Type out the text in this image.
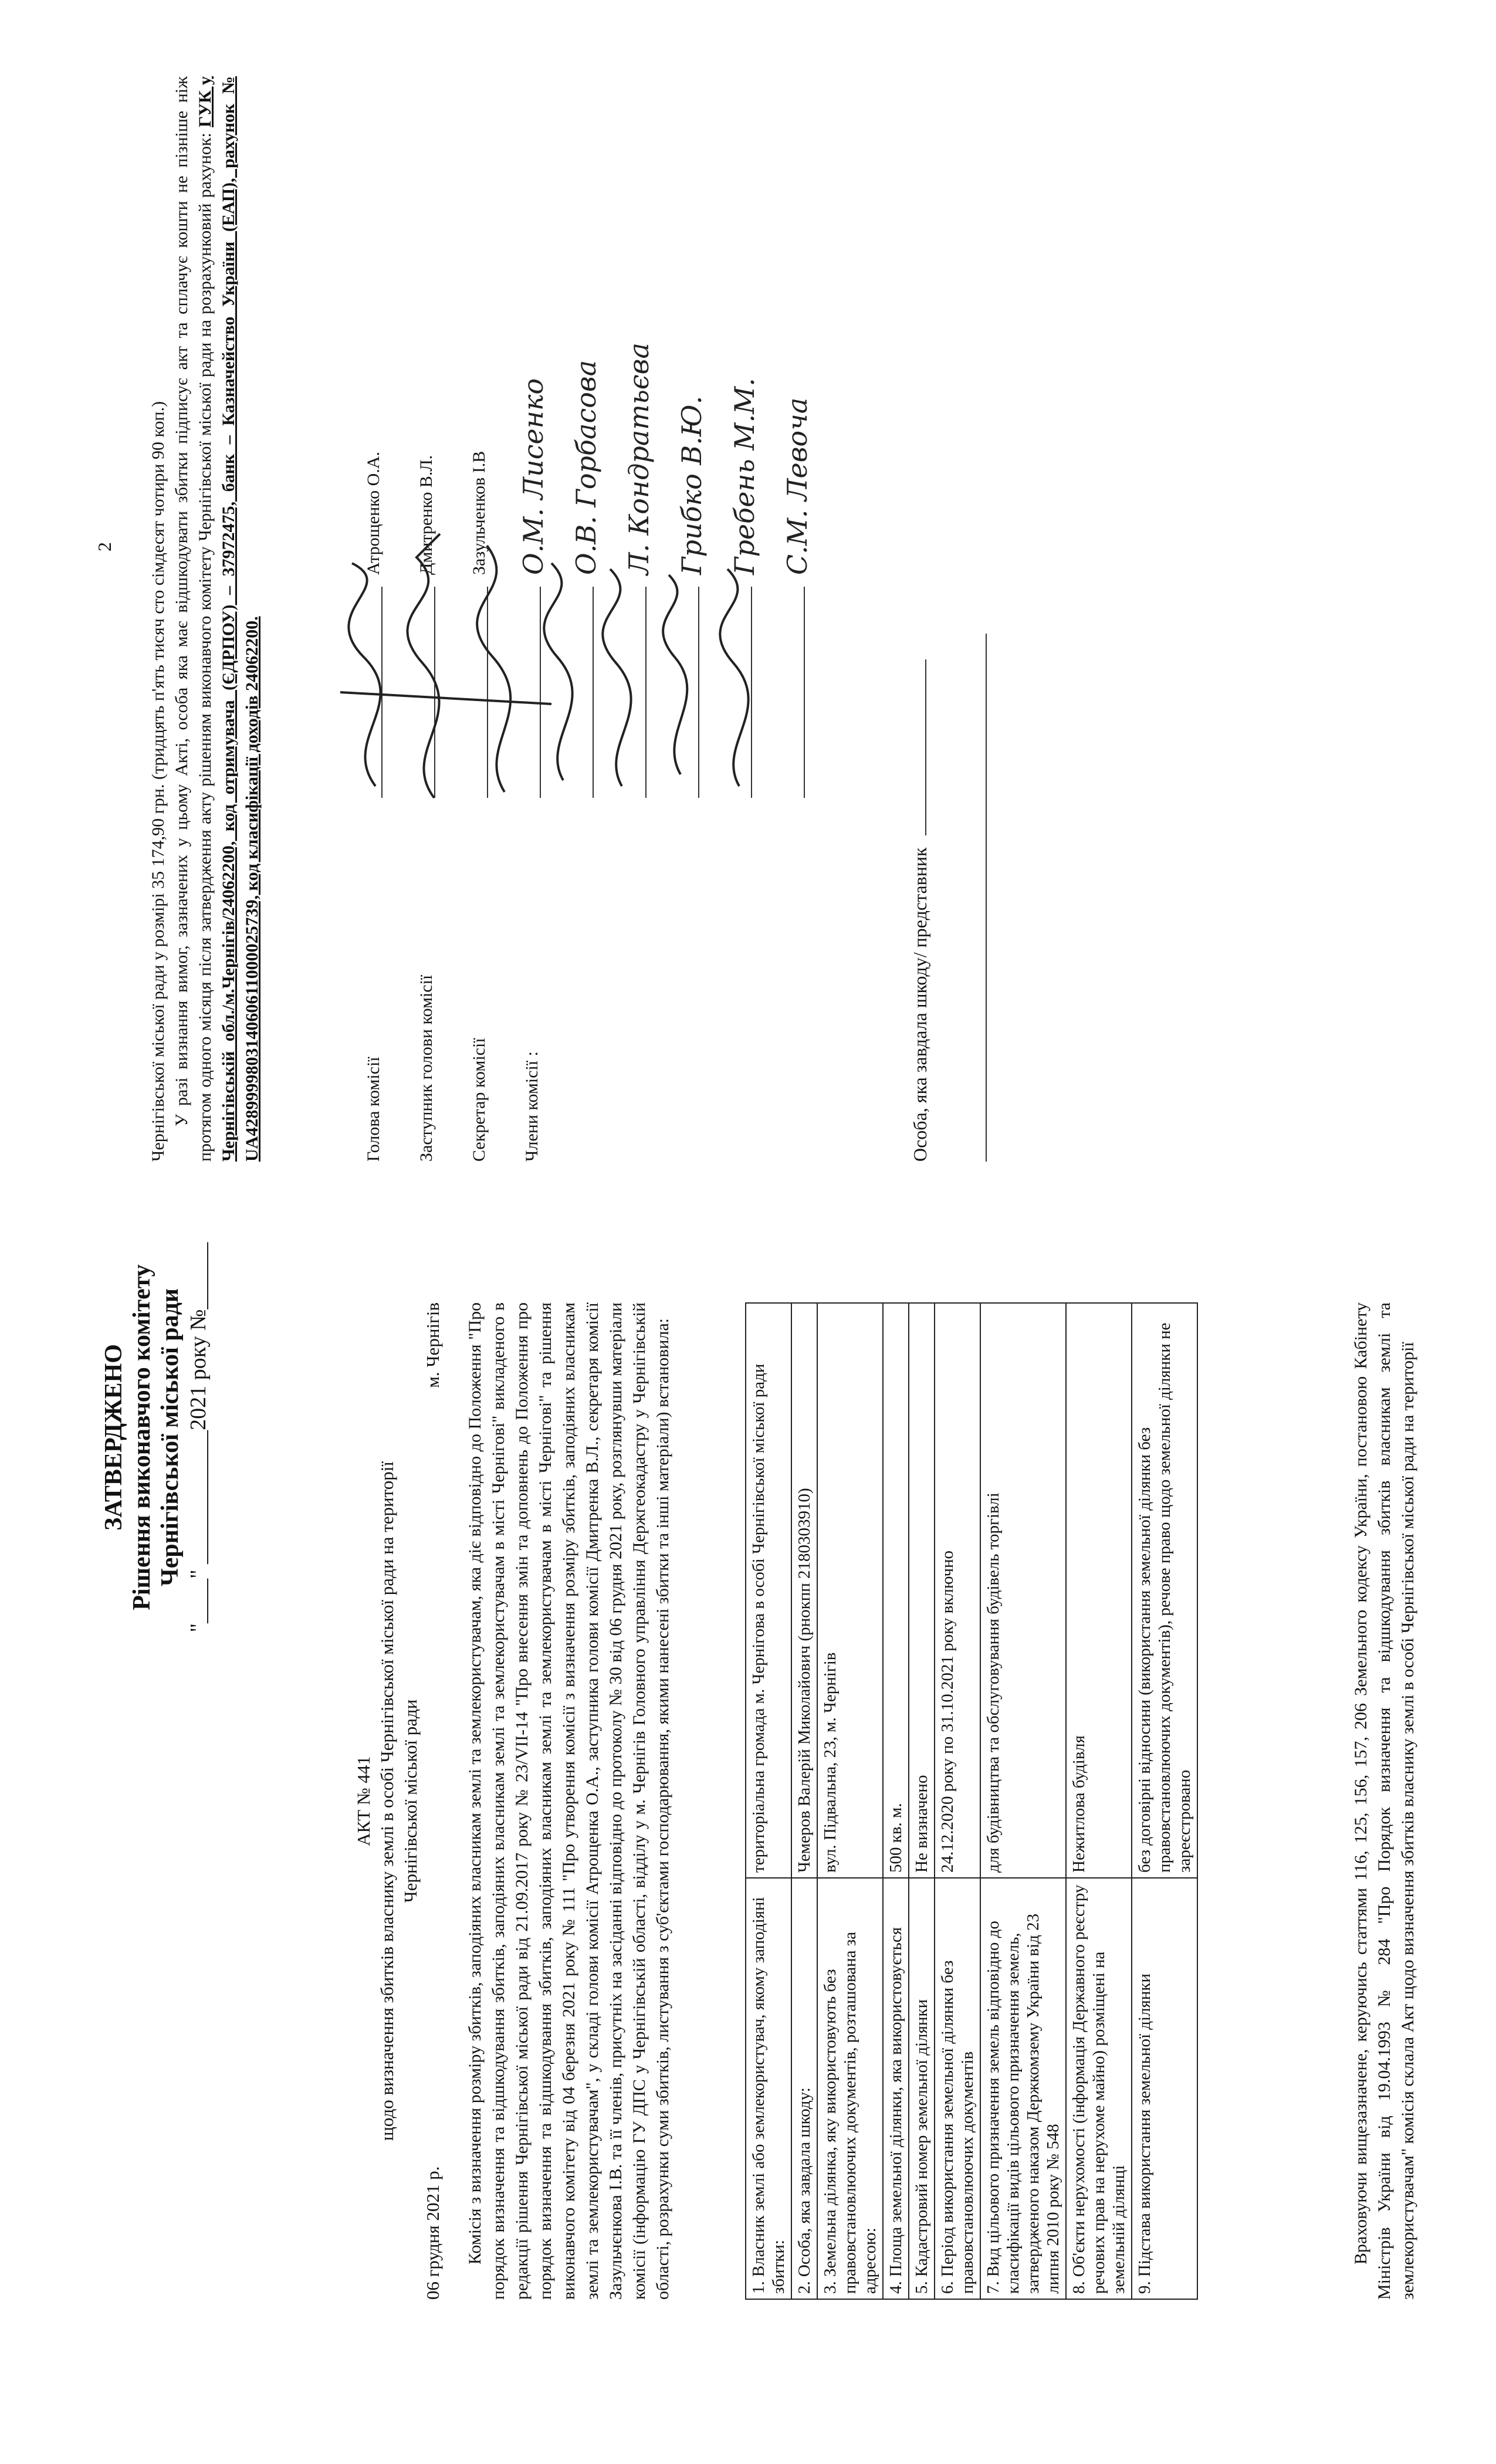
ЗАТВЕРДЖЕНО Рішення виконавчого комітету Чернігівської міської ради "____" ____________2021 року №______
АКТ № 441 щодо визначення збитків власнику землі в особі Чернігівської міської ради на території Чернігівської міської ради
06 грудня 2021 р.
м. Чернігів Комісія з визначення розміру збитків, заподіяних власникам землі та землекористувачам, яка діє відповідно до Положення "Про порядок визначення та відшкодування збитків, заподіяних власникам землі та землекористувачам в місті Чернігові" викладеного в редакції рішення Чернігівської міської ради від 21.09.2017 року № 23/VII-14 "Про внесення змін та доповнень до Положення про порядок визначення та відшкодування збитків, заподіяних власникам землі та землекористувачам в місті Чернігові" та рішення виконавчого комітету від 04 березня 2021 року № 111 "Про утворення комісії з визначення розміру збитків, заподіяних власникам землі та землекористувачам", у складі голови комісії Атрощенка О.А., заступника голови комісії Дмитренка В.Л., секретаря комісії Зазульчєнкова І.В. та її членів, присутніх на засіданні відповідно до протоколу № 30 від 06 грудня 2021 року, розглянувши матеріали комісії (інформацію ГУ ДПС у Чернігівській області, відділу у м. Чернігів Головного управління Держгеокадастру у Чернігівській області, розрахунки суми збитків, листування з суб'єктами господарювання, якими нанесені збитки та інші матеріали) встановила:	1. Власник землі або землекористувач, якому заподіяні збитки:	територіальна громада м. Чернігова в особі Чернігівської міської ради
2. Особа, яка завдала шкоду:	Чемеров Валерій Миколайович (рнокпп 2180303910)
3. Земельна ділянка, яку використовують без правовстановлюючих документів, розташована за адресою:	вул. Підвальна, 23, м. Чернігів
4. Площа земельної ділянки, яка використовується	500 кв. м.
5. Кадастровий номер земельної ділянки	Не визначено
6. Період використання земельної ділянки без правовстановлюючих документів	24.12.2020 року по 31.10.2021 року включно
7. Вид цільового призначення земель відповідно до класифікації видів цільового призначення земель, затвердженого наказом Держкомзему України від 23 липня 2010 року № 548	для будівництва та обслуговування будівель торгівлі
8. Об'єкти нерухомості (інформація Державного реєстру речових прав на нерухоме майно) розміщені на земельній ділянці	Нежитлова будівля
9. Підстава використання земельної ділянки	без договірні відносини (використання земельної ділянки без правовстановлюючих документів), речове право щодо земельної ділянки не зареєстровано	Враховуючи вищезазначене, керуючись статтями 116, 125, 156, 157, 206 Земельного кодексу України, постановою Кабінету Міністрів України від 19.04.1993 № 284 "Про Порядок визначення та відшкодування збитків власникам землі та землекористувачам" комісія склала Акт щодо визначення збитків власнику землі в особі Чернігівської міської ради на території

2 Чернігівської міської ради у розмірі 35 174,90 грн. (тридцять п'ять тисяч сто сімдесят чотири 90 коп.) У разі визнання вимог, зазначених у цьому Акті, особа яка має відшкодувати збитки підписує акт та сплачує кошти не пізніше ніж протягом одного місяця після затвердження акту рішенням виконавчого комітету Чернігівської міської ради на розрахунковий рахунок: ГУК у Чернігівській обл./м.Чернігів/24062200, код отримувача (ЄДРПОУ) – 37972475, банк – Казначейство України (ЕАП), рахунок № UA428999980314060611000025739, код класифікації доходів 24062200.	Голова комісії
Атрощенко О.А.
Заступник голови комісії
Дмитренко В.Л.
Секретар комісії
Зазульченков І.В
Члени комісії :
О.М. Лисенко О.В. Горбасова Л. Кондратьєва Грибко В.Ю. Гребень М.М. С.М. Левоча
Особа, яка завдала шкоду/ представник
